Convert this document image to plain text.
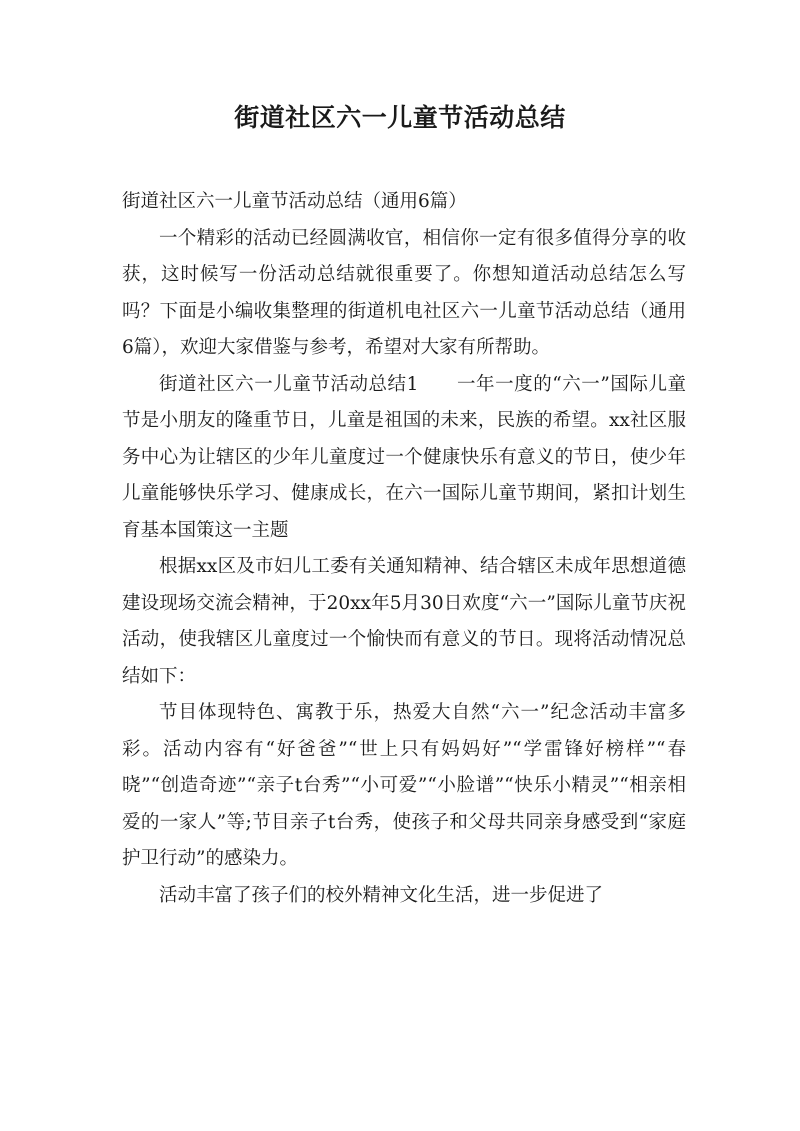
街道社区六一儿童节活动总结

街道社区六一儿童节活动总结（通用6篇）

一个精彩的活动已经圆满收官，相信你一定有很多值得分享的收获，这时候写一份活动总结就很重要了。你想知道活动总结怎么写吗？下面是小编收集整理的街道机电社区六一儿童节活动总结（通用6篇），欢迎大家借鉴与参考，希望对大家有所帮助。

街道社区六一儿童节活动总结1　　一年一度的“六一”国际儿童节是小朋友的隆重节日，儿童是祖国的未来，民族的希望。xx社区服务中心为让辖区的少年儿童度过一个健康快乐有意义的节日，使少年儿童能够快乐学习、健康成长，在六一国际儿童节期间，紧扣计划生育基本国策这一主题

根据xx区及市妇儿工委有关通知精神、结合辖区未成年思想道德建设现场交流会精神，于20xx年5月30日欢度“六一”国际儿童节庆祝活动，使我辖区儿童度过一个愉快而有意义的节日。现将活动情况总结如下：

节目体现特色、寓教于乐，热爱大自然“六一”纪念活动丰富多彩。活动内容有“好爸爸”“世上只有妈妈好”“学雷锋好榜样”“春晓”“创造奇迹”“亲子t台秀”“小可爱”“小脸谱”“快乐小精灵”“相亲相爱的一家人”等;节目亲子t台秀，使孩子和父母共同亲身感受到“家庭护卫行动”的感染力。

活动丰富了孩子们的校外精神文化生活，进一步促进了
